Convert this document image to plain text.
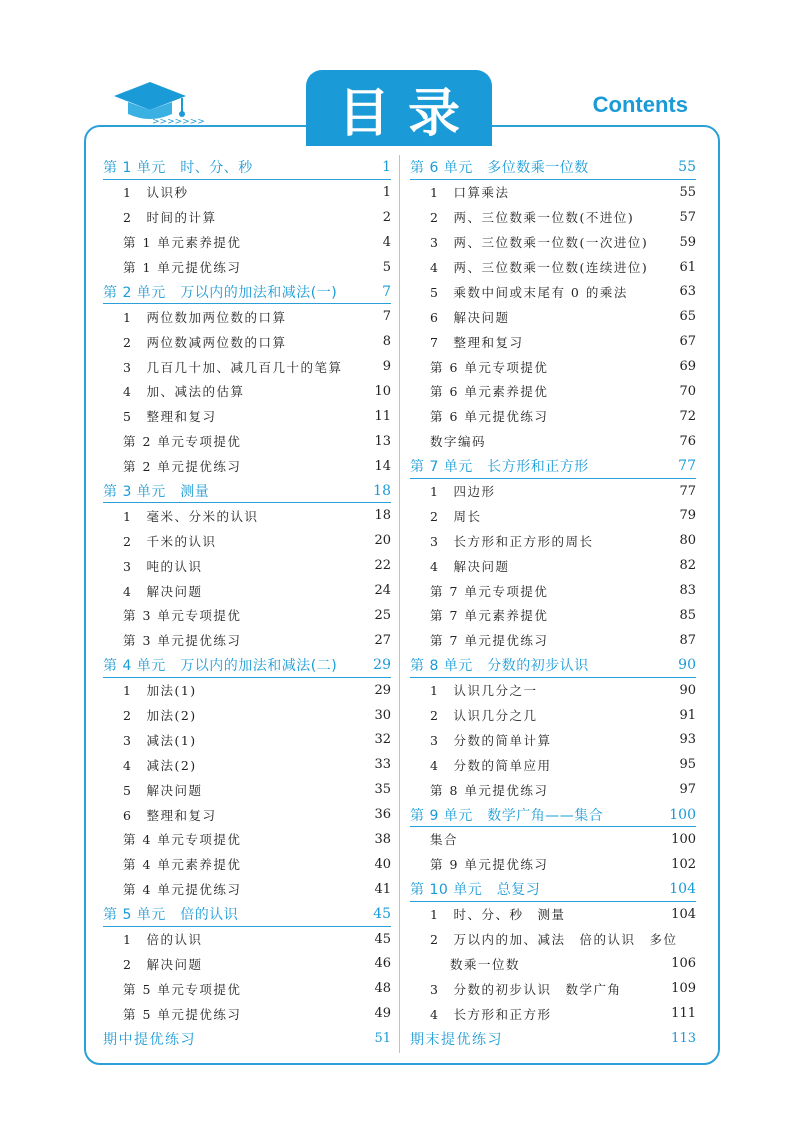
>>>>>>>	目录	Contents
第 1 单元　时、分、秒	1
1　认识秒	1
2　时间的计算	2
第 1 单元素养提优	4
第 1 单元提优练习	5
第 2 单元　万以内的加法和减法(一)	7
1　两位数加两位数的口算	7
2　两位数减两位数的口算	8
3　几百几十加、减几百几十的笔算	9
4　加、减法的估算	10
5　整理和复习	11
第 2 单元专项提优	13
第 2 单元提优练习	14
第 3 单元　测量	18
1　毫米、分米的认识	18
2　千米的认识	20
3　吨的认识	22
4　解决问题	24
第 3 单元专项提优	25
第 3 单元提优练习	27
第 4 单元　万以内的加法和减法(二)	29
1　加法(1)	29
2　加法(2)	30
3　减法(1)	32
4　减法(2)	33
5　解决问题	35
6　整理和复习	36
第 4 单元专项提优	38
第 4 单元素养提优	40
第 4 单元提优练习	41
第 5 单元　倍的认识	45
1　倍的认识	45
2　解决问题	46
第 5 单元专项提优	48
第 5 单元提优练习	49
期中提优练习	51
第 6 单元　多位数乘一位数	55
1　口算乘法	55
2　两、三位数乘一位数(不进位)	57
3　两、三位数乘一位数(一次进位) 59
4　两、三位数乘一位数(连续进位) 61
5　乘数中间或末尾有 0 的乘法	63
6　解决问题	65
7　整理和复习	67
第 6 单元专项提优	69
第 6 单元素养提优	70
第 6 单元提优练习	72
数字编码	76
第 7 单元　长方形和正方形	77
1　四边形	77
2　周长	79
3　长方形和正方形的周长	80
4　解决问题	82
第 7 单元专项提优	83
第 7 单元素养提优	85
第 7 单元提优练习	87
第 8 单元　分数的初步认识	90
1　认识几分之一	90
2　认识几分之几	91
3　分数的简单计算	93
4　分数的简单应用	95
第 8 单元提优练习	97
第 9 单元　数学广角——集合	100
集合	100
第 9 单元提优练习	102
第 10 单元　总复习	104
1　时、分、秒　测量	104
2　万以内的加、减法　倍的认识　多位
数乘一位数	106
3　分数的初步认识　数学广角	109
4　长方形和正方形	111
期末提优练习	113
